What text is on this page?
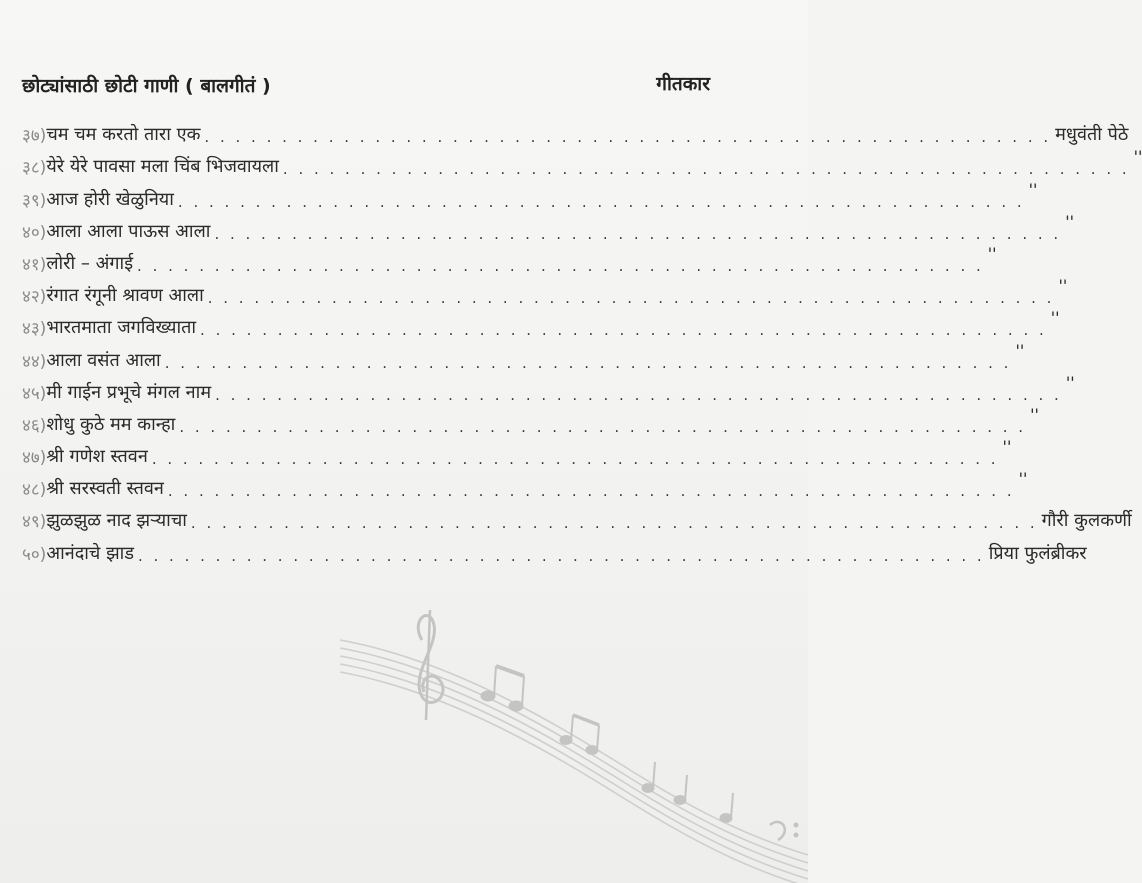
छोट्यांसाठी छोटी गाणी ( बालगीतं )	गीतकार
३७) चम चम करतो तारा एक . . . . . . . . . . . . . . . . . . . . . . . . . . . . . . . . . . . . . . . . . . . . . . . . . . . . . . . मधुवंती पेठे
३८) येरे येरे पावसा मला चिंब भिजवायला . . . . . . . . . . . . . . . . . . . . . . . . . . . . . . . . . . . . . . . . . . . . . . . . . . . . . . .
''
३९) आज होरी खेळुनिया . . . . . . . . . . . . . . . . . . . . . . . . . . . . . . . . . . . . . . . . . . . . . . . . . . . . . . .
''
४०) आला आला पाऊस आला . . . . . . . . . . . . . . . . . . . . . . . . . . . . . . . . . . . . . . . . . . . . . . . . . . . . . . .
''
४१) लोरी – अंगाई . . . . . . . . . . . . . . . . . . . . . . . . . . . . . . . . . . . . . . . . . . . . . . . . . . . . . . .
''
४२) रंगात रंगूनी श्रावण आला . . . . . . . . . . . . . . . . . . . . . . . . . . . . . . . . . . . . . . . . . . . . . . . . . . . . . . .
''
४३) भारतमाता जगविख्याता . . . . . . . . . . . . . . . . . . . . . . . . . . . . . . . . . . . . . . . . . . . . . . . . . . . . . . .
''
४४) आला वसंत आला . . . . . . . . . . . . . . . . . . . . . . . . . . . . . . . . . . . . . . . . . . . . . . . . . . . . . . .
''
४५) मी गाईन प्रभूचे मंगल नाम . . . . . . . . . . . . . . . . . . . . . . . . . . . . . . . . . . . . . . . . . . . . . . . . . . . . . . .
''
४६) शोधु कुठे मम कान्हा . . . . . . . . . . . . . . . . . . . . . . . . . . . . . . . . . . . . . . . . . . . . . . . . . . . . . . .
''
४७) श्री गणेश स्तवन . . . . . . . . . . . . . . . . . . . . . . . . . . . . . . . . . . . . . . . . . . . . . . . . . . . . . . .
''
४८) श्री सरस्वती स्तवन . . . . . . . . . . . . . . . . . . . . . . . . . . . . . . . . . . . . . . . . . . . . . . . . . . . . . . .
''
४९) झुळझुळ नाद झऱ्याचा . . . . . . . . . . . . . . . . . . . . . . . . . . . . . . . . . . . . . . . . . . . . . . . . . . . . . . . गौरी कुलकर्णी
५०) आनंदाचे झाड . . . . . . . . . . . . . . . . . . . . . . . . . . . . . . . . . . . . . . . . . . . . . . . . . . . . . . . प्रिया फुलंब्रीकर
